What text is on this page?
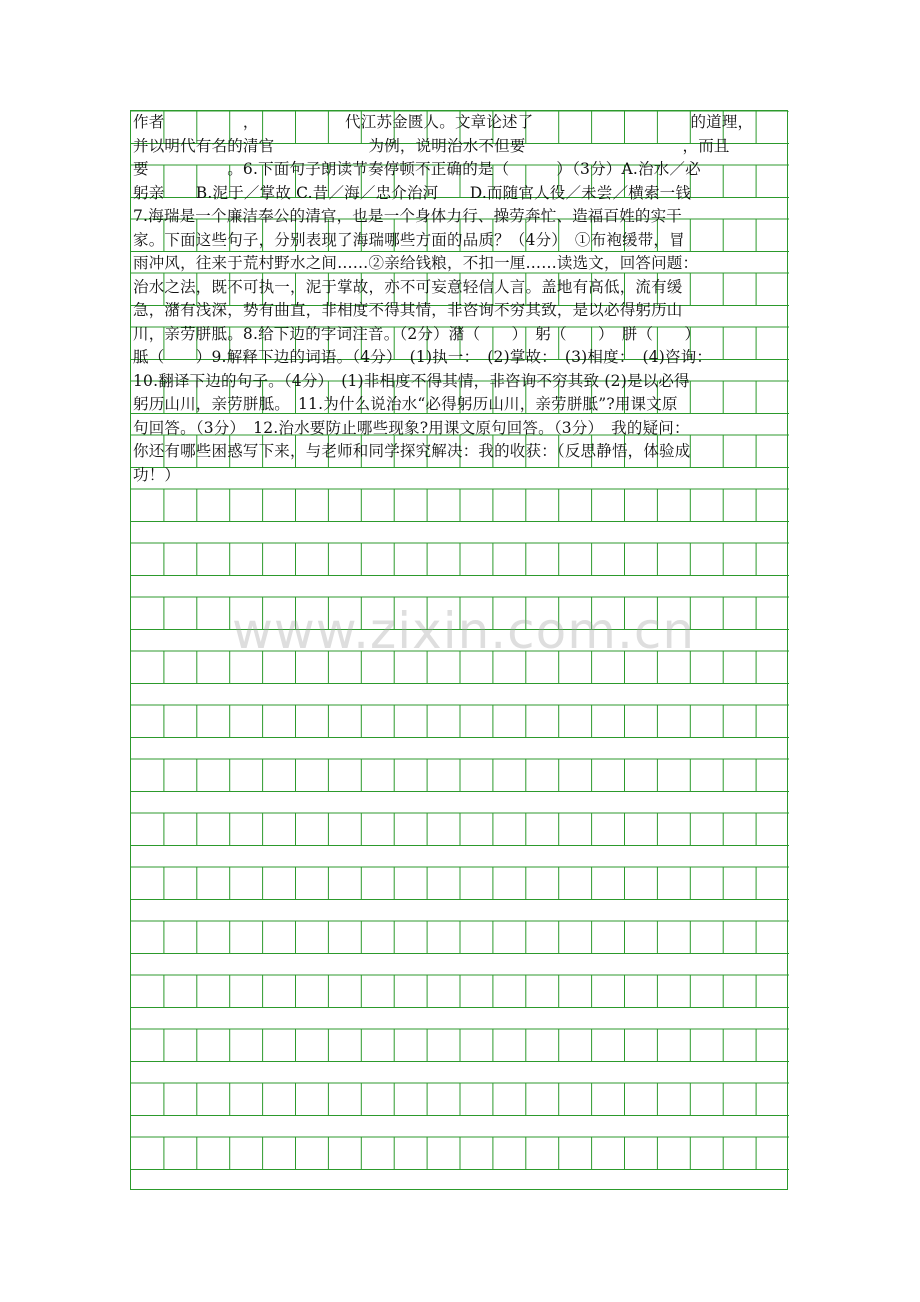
作者　　　　　，　　　　　　代江苏金匮人。文章论述了　　　　　　　　　　的道理，
并以明代有名的清官　　　　　　为例，说明治水不但要　　　　　　　　　　，而且
要　　　　　。6.下面句子朗读节奏停顿不正确的是（　　　）（3分）A.治水／必
躬亲　　B.泥于／掌故 C.昔／海／忠介治河　　D.而随官人役／未尝／横索一钱
7.海瑞是一个廉洁奉公的清官，也是一个身体力行、操劳奔忙、造福百姓的实干
家。下面这些句子，分别表现了海瑞哪些方面的品质？（4分）　①布袍缓带，冒
雨冲风，往来于荒村野水之间……②亲给钱粮，不扣一厘……读选文，回答问题：
治水之法，既不可执一，泥于掌故，亦不可妄意轻信人言。盖地有高低，流有缓
急，潴有浅深，势有曲直，非相度不得其情，非咨询不穷其致，是以必得躬历山
川，亲劳胼胝。8.给下边的字词注音。（2分）潴（　　）　躬（　　）　胼（　　）
胝（　　）9.解释下边的词语。（4分）　(1)执一：　(2)掌故：　(3)相度：　(4)咨询：
10.翻译下边的句子。（4分）　(1)非相度不得其情，非咨询不穷其致 (2)是以必得
躬历山川，亲劳胼胝。　11.为什么说治水“必得躬历山川，亲劳胼胝”?用课文原
句回答。（3分）　12.治水要防止哪些现象?用课文原句回答。（3分）　我的疑问：
你还有哪些困惑写下来，与老师和同学探究解决：我的收获：（反思静悟，体验成
功！）
www.zixin.com.cn
